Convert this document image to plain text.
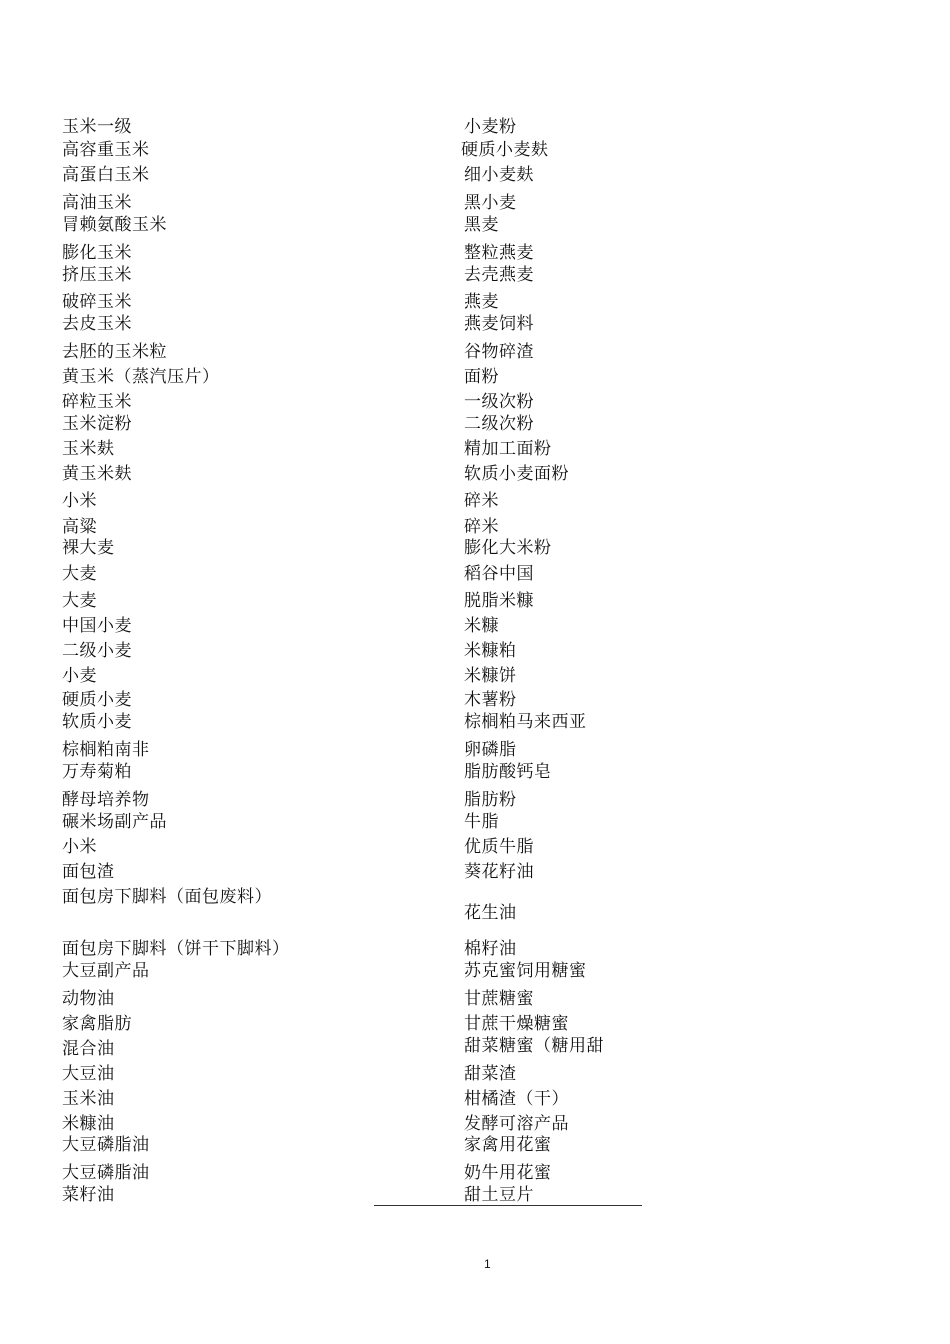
玉米一级
高容重玉米
高蛋白玉米
高油玉米
冐赖氨酸玉米
膨化玉米
挤压玉米
破碎玉米
去皮玉米
去胚的玉米粒
黄玉米（蒸汽压片）
碎粒玉米
玉米淀粉
玉米麸
黄玉米麸
小米
高粱
裸大麦
大麦
大麦
中国小麦
二级小麦
小麦
硬质小麦
软质小麦
棕榈粕南非
万寿菊粕
酵母培养物
碾米场副产品
小米
面包渣
面包房下脚料（面包废料）
面包房下脚料（饼干下脚料）
大豆副产品
动物油
家禽脂肪
混合油
大豆油
玉米油
米糠油
大豆磷脂油
大豆磷脂油
菜籽油
小麦粉
硬质小麦麸
细小麦麸
黑小麦
黑麦
整粒燕麦
去壳燕麦
燕麦
燕麦饲料
谷物碎渣
面粉
一级次粉
二级次粉
精加工面粉
软质小麦面粉
碎米
碎米
膨化大米粉
稻谷中国
脱脂米糠
米糠
米糠粕
米糠饼
木薯粉
棕榈粕马来西亚
卵磷脂
脂肪酸钙皂
脂肪粉
牛脂
优质牛脂
葵花籽油
花生油
棉籽油
苏克蜜饲用糖蜜
甘蔗糖蜜
甘蔗干燥糖蜜
甜菜糖蜜（糖用甜
甜菜渣
柑橘渣（干）
发酵可溶产品
家禽用花蜜
奶牛用花蜜
甜土豆片
1
